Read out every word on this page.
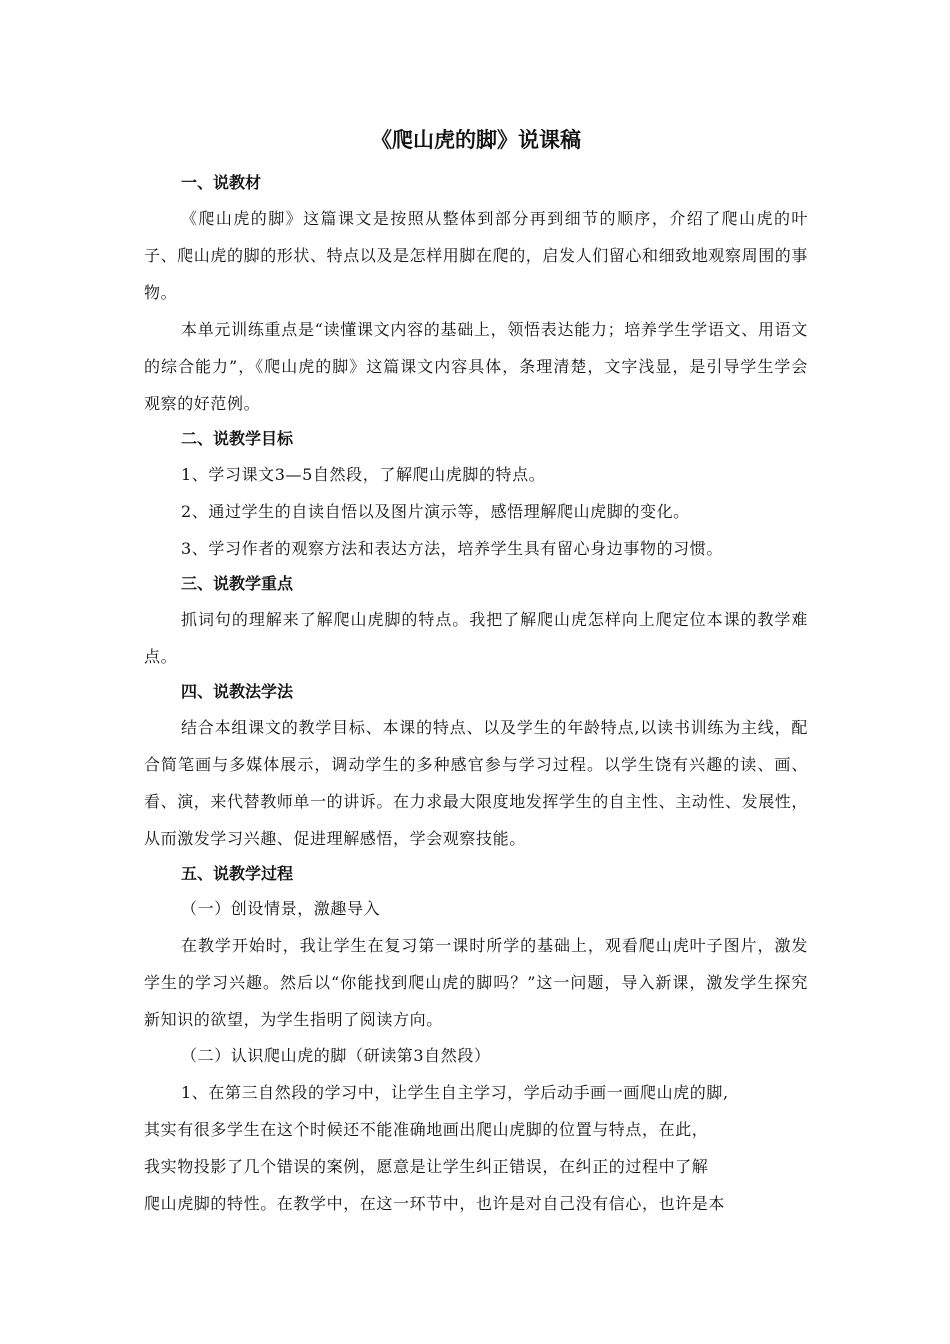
《爬山虎的脚》说课稿
一、说教材

《爬山虎的脚》这篇课文是按照从整体到部分再到细节的顺序，介绍了爬山虎的叶子、爬山虎的脚的形状、特点以及是怎样用脚在爬的，启发人们留心和细致地观察周围的事物。

本单元训练重点是“读懂课文内容的基础上，领悟表达能力；培养学生学语文、用语文的综合能力”，《爬山虎的脚》这篇课文内容具体，条理清楚，文字浅显，是引导学生学会观察的好范例。

二、说教学目标

1、学习课文3—5自然段，了解爬山虎脚的特点。

2、通过学生的自读自悟以及图片演示等，感悟理解爬山虎脚的变化。

3、学习作者的观察方法和表达方法，培养学生具有留心身边事物的习惯。

三、说教学重点

抓词句的理解来了解爬山虎脚的特点。我把了解爬山虎怎样向上爬定位本课的教学难点。

四、说教法学法

结合本组课文的教学目标、本课的特点、以及学生的年龄特点,以读书训练为主线，配合简笔画与多媒体展示，调动学生的多种感官参与学习过程。以学生饶有兴趣的读、画、看、演，来代替教师单一的讲诉。在力求最大限度地发挥学生的自主性、主动性、发展性，从而激发学习兴趣、促进理解感悟，学会观察技能。

五、说教学过程

（一）创设情景，激趣导入

在教学开始时，我让学生在复习第一课时所学的基础上，观看爬山虎叶子图片，激发学生的学习兴趣。然后以“你能找到爬山虎的脚吗？”这一问题，导入新课，激发学生探究新知识的欲望，为学生指明了阅读方向。

（二）认识爬山虎的脚（研读第3自然段）

1、在第三自然段的学习中，让学生自主学习，学后动手画一画爬山虎的脚,

其实有很多学生在这个时候还不能准确地画出爬山虎脚的位置与特点，在此，

我实物投影了几个错误的案例，愿意是让学生纠正错误，在纠正的过程中了解

爬山虎脚的特性。在教学中，在这一环节中，也许是对自己没有信心，也许是本
